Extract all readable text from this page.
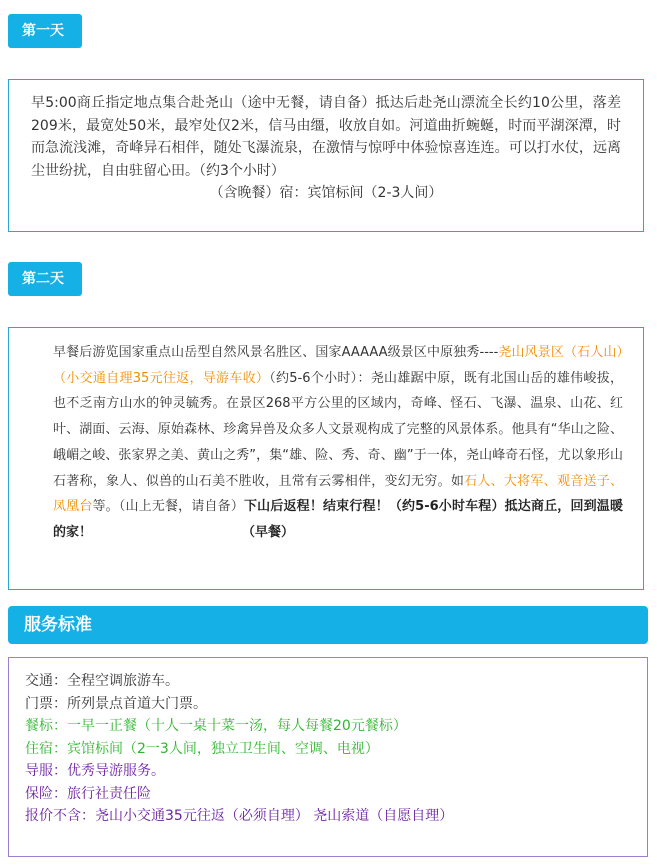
第一天

早5:00商丘指定地点集合赴尧山（途中无餐，请自备）抵达后赴尧山漂流全长约10公里，落差209米，最宽处50米，最窄处仅2米，信马由缰，收放自如。河道曲折蜿蜒，时而平湖深潭，时而急流浅滩，奇峰异石相伴，随处飞瀑流泉，在激情与惊呼中体验惊喜连连。可以打水仗，远离尘世纷扰，自由驻留心田。（约3个小时）
（含晚餐）宿：宾馆标间（2-3人间）

第二天

早餐后游览国家重点山岳型自然风景名胜区、国家AAAAA级景区中原独秀----尧山风景区（石人山）（小交通自理35元往返，导游车收）（约5-6个小时）：尧山雄踞中原，既有北国山岳的雄伟峻拔，也不乏南方山水的钟灵毓秀。在景区268平方公里的区域内，奇峰、怪石、飞瀑、温泉、山花、红叶、湖面、云海、原始森林、珍禽异兽及众多人文景观构成了完整的风景体系。他具有“华山之险、峨嵋之峻、张家界之美、黄山之秀”，集“雄、险、秀、奇、幽”于一体，尧山峰奇石怪，尤以象形山石著称，象人、似兽的山石美不胜收，且常有云雾相伴，变幻无穷。如石人、大将军、观音送子、凤凰台等。（山上无餐，请自备）下山后返程！结束行程！（约5-6小时车程）抵达商丘，回到温暖的家！	（早餐）

服务标准
交通：全程空调旅游车。
门票：所列景点首道大门票。
餐标：一早一正餐（十人一桌十菜一汤，每人每餐20元餐标）
住宿：宾馆标间（2一3人间，独立卫生间、空调、电视）
导服：优秀导游服务。
保险：旅行社责任险
报价不含：尧山小交通35元往返（必须自理） 尧山索道（自愿自理）
